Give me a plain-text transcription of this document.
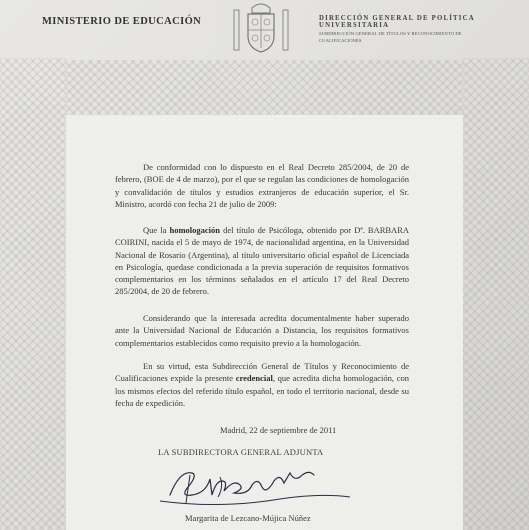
MINISTERIO DE EDUCACIÓN	DIRECCIÓN GENERAL DE POLÍTICA
UNIVERSITARIA
SUBDIRECCIÓN GENERAL DE TÍTULOS Y RECONOCIMIENTO DE
CUALIFICACIONES
De conformidad con lo dispuesto en el Real Decreto 285/2004, de 20 de febrero, (BOE de 4 de marzo), por el que se regulan las condiciones de homologación y convalidación de títulos y estudios extranjeros de educación superior, el Sr. Ministro, acordó con fecha 21 de julio de 2009:
Que la homologación del título de Psicóloga, obtenido por Dª. BARBARA COIRINI, nacida el 5 de mayo de 1974, de nacionalidad argentina, en la Universidad Nacional de Rosario (Argentina), al título universitario oficial español de Licenciada en Psicología, quedase condicionada a la previa superación de requisitos formativos complementarios en los términos señalados en el artículo 17 del Real Decreto 285/2004, de 20 de febrero.
Considerando que la interesada acredita documentalmente haber superado ante la Universidad Nacional de Educación a Distancia, los requisitos formativos complementarios establecidos como requisito previo a la homologación.
En su virtud, esta Subdirección General de Títulos y Reconocimiento de Cualificaciones expide la presente credencial, que acredita dicha homologación, con los mismos efectos del referido título español, en todo el territorio nacional, desde su fecha de expedición.
Madrid, 22 de septiembre de 2011
LA SUBDIRECTORA GENERAL ADJUNTA
Margarita de Lezcano-Mújica Núñez
